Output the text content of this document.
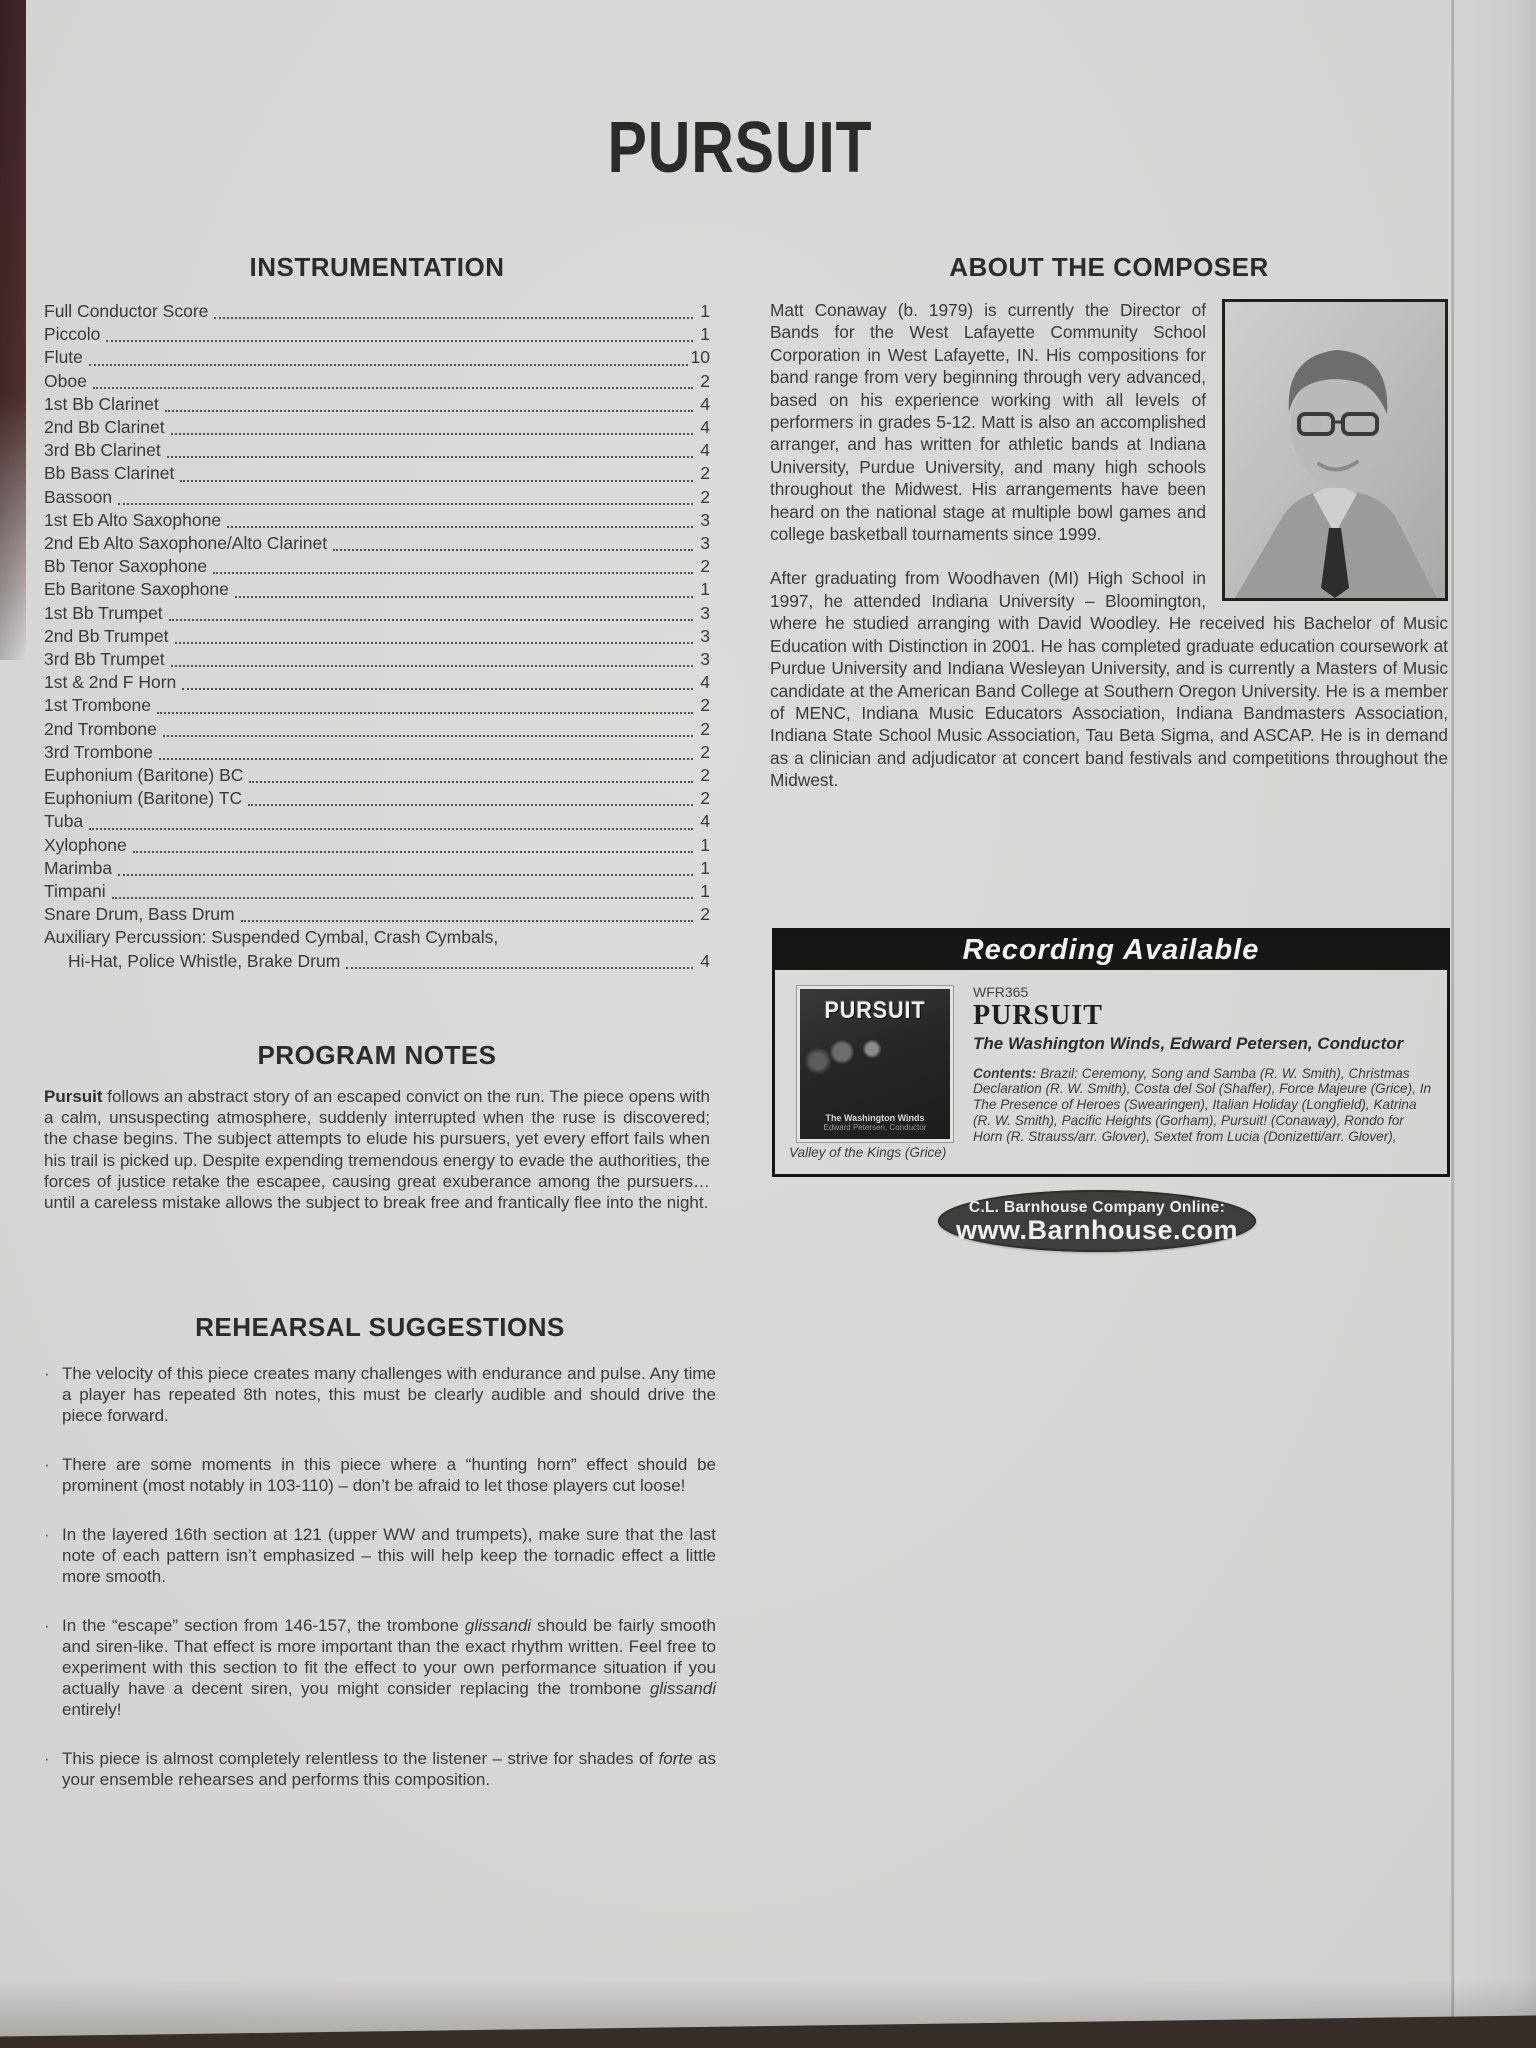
PURSUIT
INSTRUMENTATION
Full Conductor Score	1
Piccolo	1
Flute	10
Oboe	2
1st Bb Clarinet	4
2nd Bb Clarinet	4
3rd Bb Clarinet	4
Bb Bass Clarinet	2
Bassoon	2
1st Eb Alto Saxophone	3
2nd Eb Alto Saxophone/Alto Clarinet	3
Bb Tenor Saxophone	2
Eb Baritone Saxophone	1
1st Bb Trumpet	3
2nd Bb Trumpet	3
3rd Bb Trumpet	3
1st & 2nd F Horn	4
1st Trombone	2
2nd Trombone	2
3rd Trombone	2
Euphonium (Baritone) BC	2
Euphonium (Baritone) TC	2
Tuba	4
Xylophone	1
Marimba	1
Timpani	1
Snare Drum, Bass Drum	2
Auxiliary Percussion: Suspended Cymbal, Crash Cymbals,
Hi-Hat, Police Whistle, Brake Drum	4
PROGRAM NOTES
Pursuit follows an abstract story of an escaped convict on the run. The piece opens with a calm, unsuspecting atmosphere, suddenly interrupted when the ruse is discovered; the chase begins. The subject attempts to elude his pursuers, yet every effort fails when his trail is picked up. Despite expending tremendous energy to evade the authorities, the forces of justice retake the escapee, causing great exuberance among the pursuers… until a careless mistake allows the subject to break free and frantically flee into the night.
REHEARSAL SUGGESTIONS
· The velocity of this piece creates many challenges with endurance and pulse. Any time a player has repeated 8th notes, this must be clearly audible and should drive the piece forward.
· There are some moments in this piece where a “hunting horn” effect should be prominent (most notably in 103-110) – don’t be afraid to let those players cut loose!
· In the layered 16th section at 121 (upper WW and trumpets), make sure that the last note of each pattern isn’t emphasized – this will help keep the tornadic effect a little more smooth.
· In the “escape” section from 146-157, the trombone glissandi should be fairly smooth and siren-like. That effect is more important than the exact rhythm written. Feel free to experiment with this section to fit the effect to your own performance situation if you actually have a decent siren, you might consider replacing the trombone glissandi entirely!
· This piece is almost completely relentless to the listener – strive for shades of forte as your ensemble rehearses and performs this composition.
ABOUT THE COMPOSER
Matt Conaway (b. 1979) is currently the Director of Bands for the West Lafayette Community School Corporation in West Lafayette, IN. His compositions for band range from very beginning through very advanced, based on his experience working with all levels of performers in grades 5-12. Matt is also an accomplished arranger, and has written for athletic bands at Indiana University, Purdue University, and many high schools throughout the Midwest. His arrangements have been heard on the national stage at multiple bowl games and college basketball tournaments since 1999.
After graduating from Woodhaven (MI) High School in 1997, he attended Indiana University – Bloomington, where he studied arranging with David Woodley. He received his Bachelor of Music Education with Distinction in 2001. He has completed graduate education coursework at Purdue University and Indiana Wesleyan University, and is currently a Masters of Music candidate at the American Band College at Southern Oregon University. He is a member of MENC, Indiana Music Educators Association, Indiana Bandmasters Association, Indiana State School Music Association, Tau Beta Sigma, and ASCAP. He is in demand as a clinician and adjudicator at concert band festivals and competitions throughout the Midwest.
Recording Available
PURSUIT
The Washington Winds
Edward Petersen, Conductor
WFR365
PURSUIT
The Washington Winds, Edward Petersen, Conductor
Contents: Brazil: Ceremony, Song and Samba (R. W. Smith), Christmas Declaration (R. W. Smith), Costa del Sol (Shaffer), Force Majeure (Grice), In The Presence of Heroes (Swearingen), Italian Holiday (Longfield), Katrina (R. W. Smith), Pacific Heights (Gorham), Pursuit! (Conaway), Rondo for Horn (R. Strauss/arr. Glover), Sextet from Lucia (Donizetti/arr. Glover), Valley of the Kings (Grice)
C.L. Barnhouse Company Online:
www.Barnhouse.com
